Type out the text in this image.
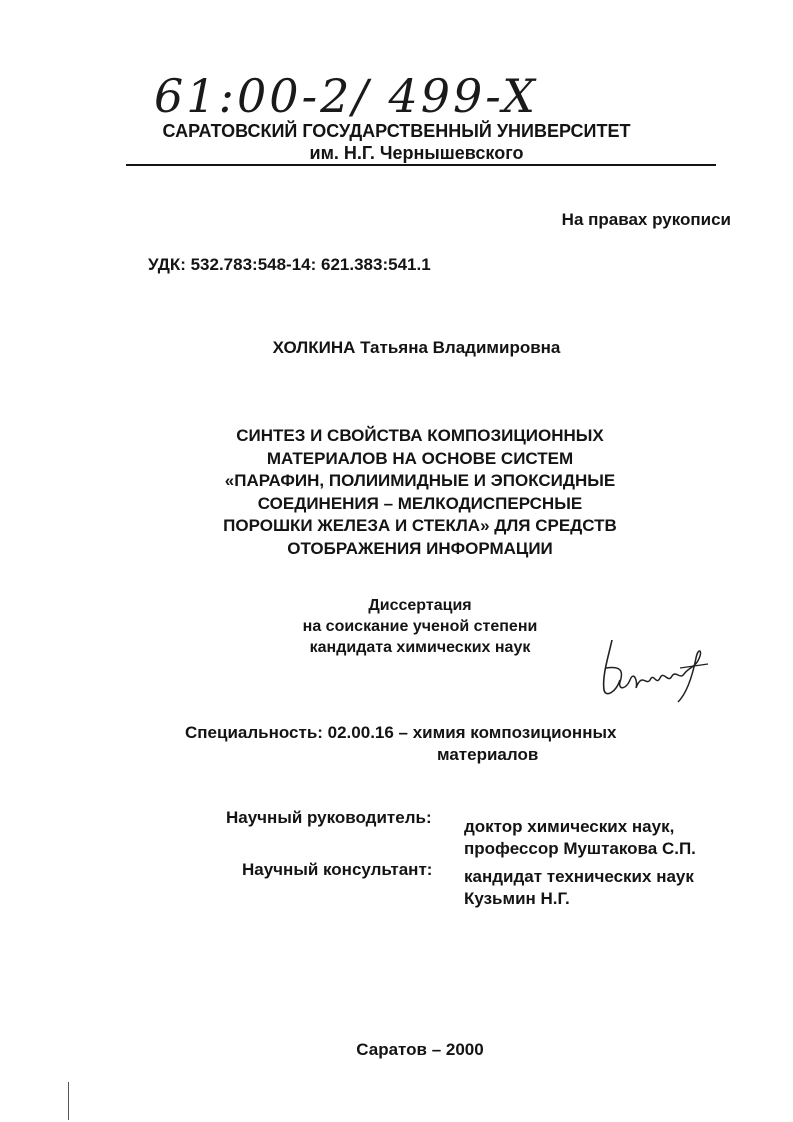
61:00-2/ 499-X
САРАТОВСКИЙ ГОСУДАРСТВЕННЫЙ УНИВЕРСИТЕТ
им. Н.Г. Чернышевского
На правах рукописи
УДК: 532.783:548-14: 621.383:541.1
ХОЛКИНА Татьяна Владимировна
СИНТЕЗ И СВОЙСТВА КОМПОЗИЦИОННЫХ
МАТЕРИАЛОВ НА ОСНОВЕ СИСТЕМ
«ПАРАФИН, ПОЛИИМИДНЫЕ И ЭПОКСИДНЫЕ
СОЕДИНЕНИЯ – МЕЛКОДИСПЕРСНЫЕ
ПОРОШКИ ЖЕЛЕЗА И СТЕКЛА» ДЛЯ СРЕДСТВ
ОТОБРАЖЕНИЯ ИНФОРМАЦИИ
Диссертация
на соискание ученой степени
кандидата химических наук
Специальность: 02.00.16 – химия композиционных
материалов
Научный руководитель: доктор химических наук,
профессор Муштакова С.П.
Научный консультант: кандидат технических наук
Кузьмин Н.Г.
Саратов – 2000
